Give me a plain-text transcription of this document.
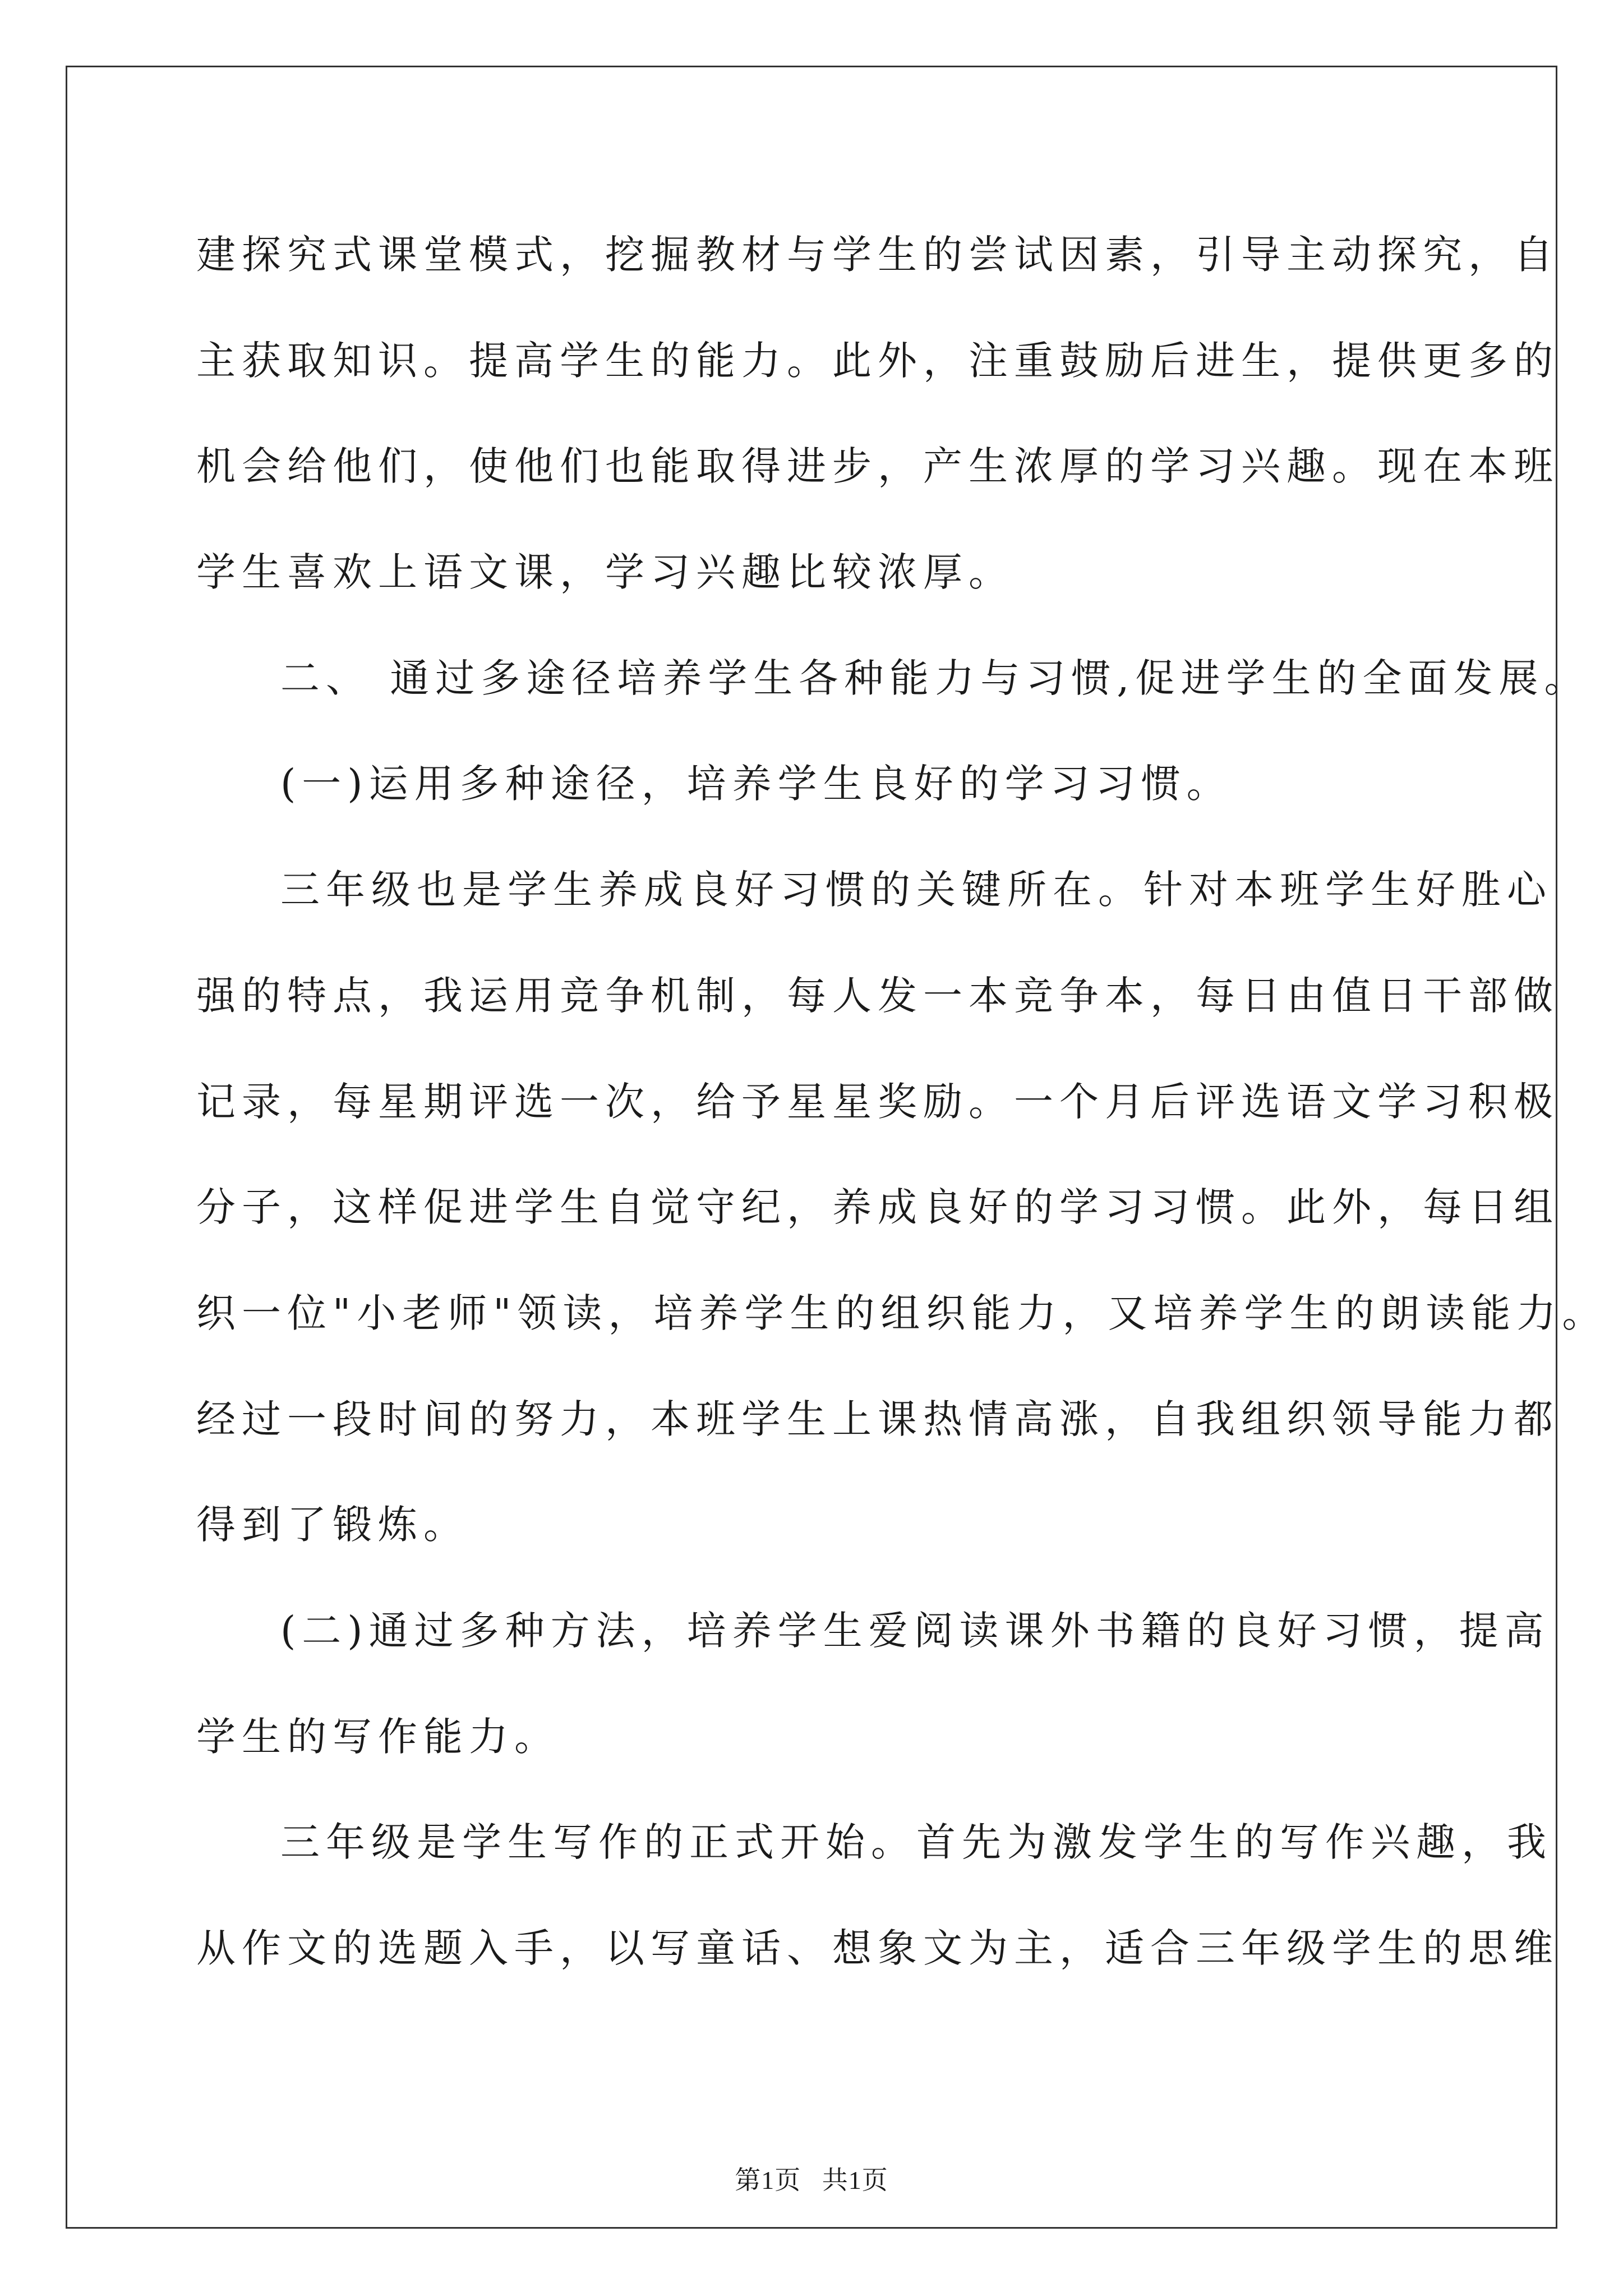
建探究式课堂模式，挖掘教材与学生的尝试因素，引导主动探究，自
主获取知识。提高学生的能力。此外，注重鼓励后进生，提供更多的
机会给他们，使他们也能取得进步，产生浓厚的学习兴趣。现在本班
学生喜欢上语文课，学习兴趣比较浓厚。
二、 通过多途径培养学生各种能力与习惯,促进学生的全面发展。
(一)运用多种途径，培养学生良好的学习习惯。
三年级也是学生养成良好习惯的关键所在。针对本班学生好胜心
强的特点，我运用竞争机制，每人发一本竞争本，每日由值日干部做
记录，每星期评选一次，给予星星奖励。一个月后评选语文学习积极
分子，这样促进学生自觉守纪，养成良好的学习习惯。此外，每日组
织一位"小老师"领读，培养学生的组织能力，又培养学生的朗读能力。
经过一段时间的努力，本班学生上课热情高涨，自我组织领导能力都
得到了锻炼。
(二)通过多种方法，培养学生爱阅读课外书籍的良好习惯，提高
学生的写作能力。
三年级是学生写作的正式开始。首先为激发学生的写作兴趣，我
从作文的选题入手，以写童话、想象文为主，适合三年级学生的思维
第1页   共1页
